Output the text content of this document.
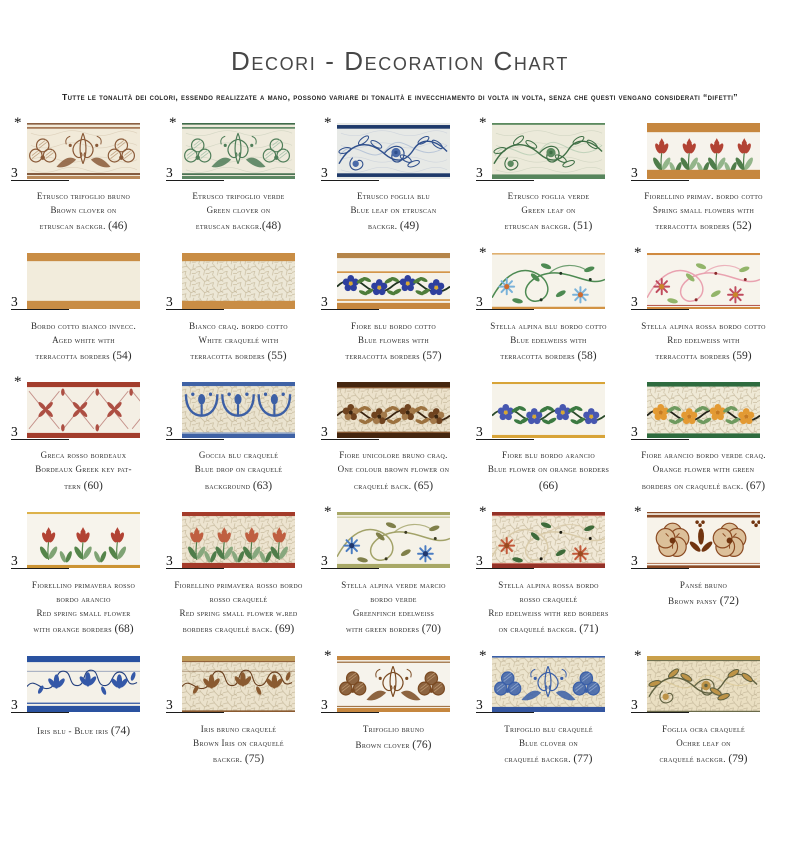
Decori - Decoration Chart
Tutte le tonalità dei colori, essendo realizzate a mano, possono variare di tonalità e invecchiamento di volta in volta, senza che questi vengano considerati “difetti”
*
3
Etrusco trifoglio bruno
Brown clover on
etruscan backgr. (46)
*
3
Etrusco trifoglio verde
Green clover on
etruscan backgr.(48)
*
3
Etrusco foglia blu
Blue leaf on etruscan
backgr. (49)
*
3
Etrusco foglia verde
Green leaf on
etruscan backgr. (51)
3
Fiorellino primav. bordo cotto
Spring small flowers with
terracotta borders (52)
3
Bordo cotto bianco invecc.
Aged white with
terracotta borders (54)
3
Bianco craq. bordo cotto
White craquelé with
terracotta borders (55)
3
Fiore blu bordo cotto
Blue flowers with
terracotta borders (57)
*
3
Stella alpina blu bordo cotto
Blue edelweiss with
terracotta borders (58)
*
3
Stella alpina rossa bordo cotto
Red edelweiss with
terracotta borders (59)
*
3
Greca rosso bordeaux
Bordeaux Greek key pat-
tern (60)
3
Goccia blu craquelé
Blue drop on craquelé
background (63)
3
Fiore unicolore bruno craq.
One colour brown flower on
craquelé back. (65)
3
Fiore blu bordo arancio
Blue flower on orange borders
(66)
3
Fiore arancio bordo verde craq.
Orange flower with green
borders on craquelé back. (67)
3
Fiorellino primavera rosso
bordo arancio
Red spring small flower
with orange borders (68)
3
Fiorellino primavera rosso bordo
rosso craquelé
Red spring small flower w.red
borders craquelé back. (69)
*
3
Stella alpina verde marcio
bordo verde
Greenfinch edelweiss
with green borders (70)
*
3
Stella alpina rossa bordo
rosso craquelé
Red edelweiss with red borders
on craquelé backgr. (71)
*
3
Pansé bruno
Brown pansy (72)
3
Iris blu - Blue iris (74)
3
Iris bruno craquelé
Brown Iris on craquelé
backgr. (75)
*
3
Trifoglio bruno
Brown clover (76)
*
3
Trifoglio blu craquelé
Blue clover on
craquelé backgr. (77)
*
3
Foglia ocra craquelé
Ochre leaf on
craquelé backgr. (79)
